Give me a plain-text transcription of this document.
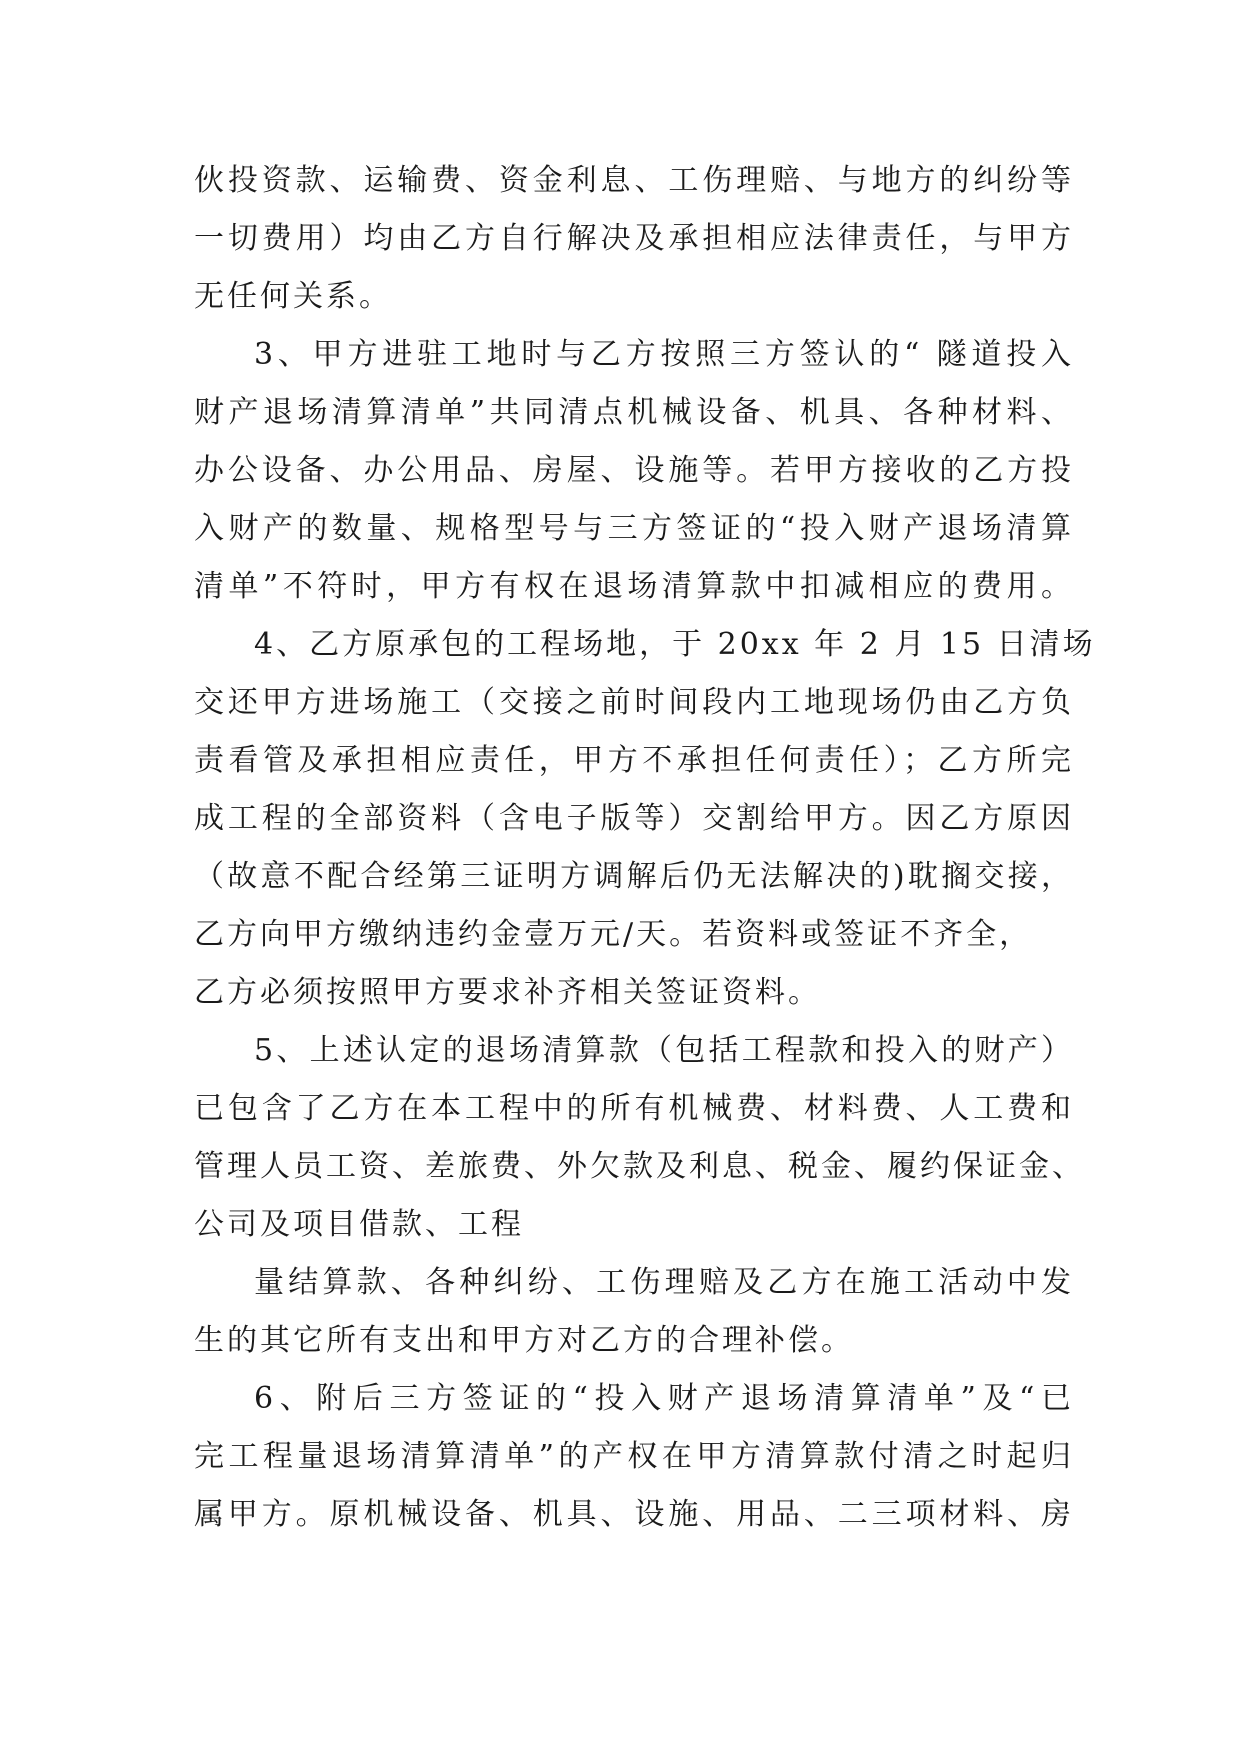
伙投资款、运输费、资金利息、工伤理赔、与地方的纠纷等
一切费用）均由乙方自行解决及承担相应法律责任，与甲方
无任何关系。
3、甲方进驻工地时与乙方按照三方签认的“ 隧道投入
财产退场清算清单”共同清点机械设备、机具、各种材料、
办公设备、办公用品、房屋、设施等。若甲方接收的乙方投
入财产的数量、规格型号与三方签证的“投入财产退场清算
清单”不符时，甲方有权在退场清算款中扣减相应的费用。
4、乙方原承包的工程场地，于 20xx 年 2 月 15 日清场
交还甲方进场施工（交接之前时间段内工地现场仍由乙方负
责看管及承担相应责任，甲方不承担任何责任）；乙方所完
成工程的全部资料（含电子版等）交割给甲方。因乙方原因
（故意不配合经第三证明方调解后仍无法解决的)耽搁交接，
乙方向甲方缴纳违约金壹万元/天。若资料或签证不齐全，
乙方必须按照甲方要求补齐相关签证资料。
5、上述认定的退场清算款（包括工程款和投入的财产）
已包含了乙方在本工程中的所有机械费、材料费、人工费和
管理人员工资、差旅费、外欠款及利息、税金、履约保证金、
公司及项目借款、工程
量结算款、各种纠纷、工伤理赔及乙方在施工活动中发
生的其它所有支出和甲方对乙方的合理补偿。
6、附后三方签证的“投入财产退场清算清单”及“已
完工程量退场清算清单”的产权在甲方清算款付清之时起归
属甲方。原机械设备、机具、设施、用品、二三项材料、房
